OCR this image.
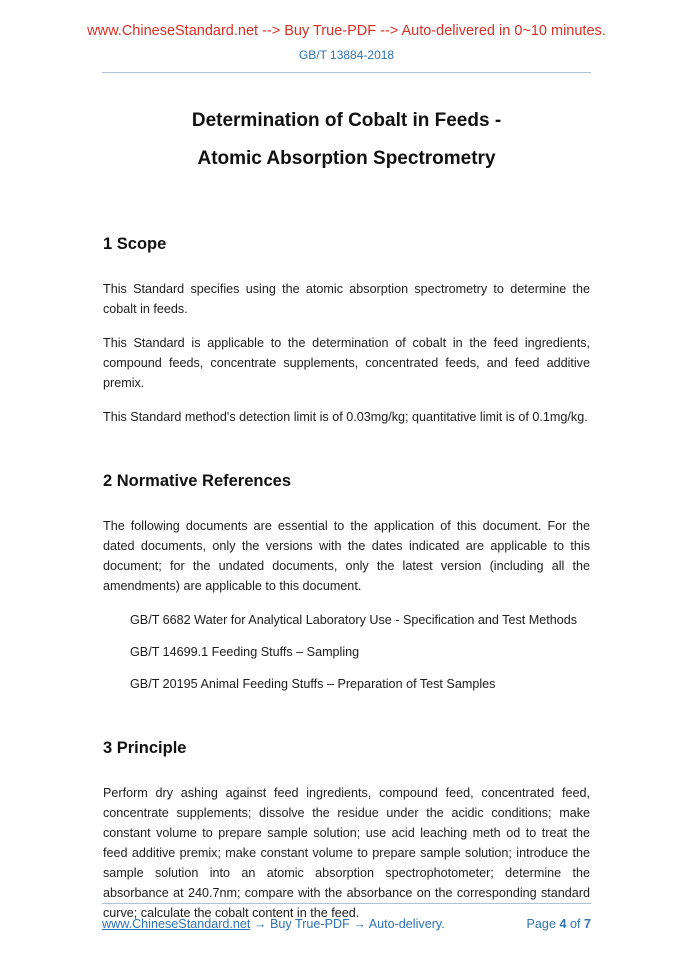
www.ChineseStandard.net --> Buy True-PDF --> Auto-delivered in 0~10 minutes.
GB/T 13884-2018
Determination of Cobalt in Feeds -
Atomic Absorption Spectrometry
1 Scope

This Standard specifies using the atomic absorption spectrometry to determine the cobalt in feeds.

This Standard is applicable to the determination of cobalt in the feed ingredients, compound feeds, concentrate supplements, concentrated feeds, and feed additive premix.

This Standard method's detection limit is of 0.03mg/kg; quantitative limit is of 0.1mg/kg.

2 Normative References

The following documents are essential to the application of this document. For the dated documents, only the versions with the dates indicated are applicable to this document; for the undated documents, only the latest version (including all the amendments) are applicable to this document.

GB/T 6682 Water for Analytical Laboratory Use - Specification and Test Methods
GB/T 14699.1 Feeding Stuffs – Sampling
GB/T 20195 Animal Feeding Stuffs – Preparation of Test Samples
3 Principle

Perform dry ashing against feed ingredients, compound feed, concentrated feed, concentrate supplements; dissolve the residue under the acidic conditions; make constant volume to prepare sample solution; use acid leaching meth od to treat the feed additive premix; make constant volume to prepare sample solution; introduce the sample solution into an atomic absorption spectrophotometer; determine the absorbance at 240.7nm; compare with the absorbance on the corresponding standard curve; calculate the cobalt content in the feed.

www.ChineseStandard.net → Buy True-PDF → Auto-delivery.	Page 4 of 7
